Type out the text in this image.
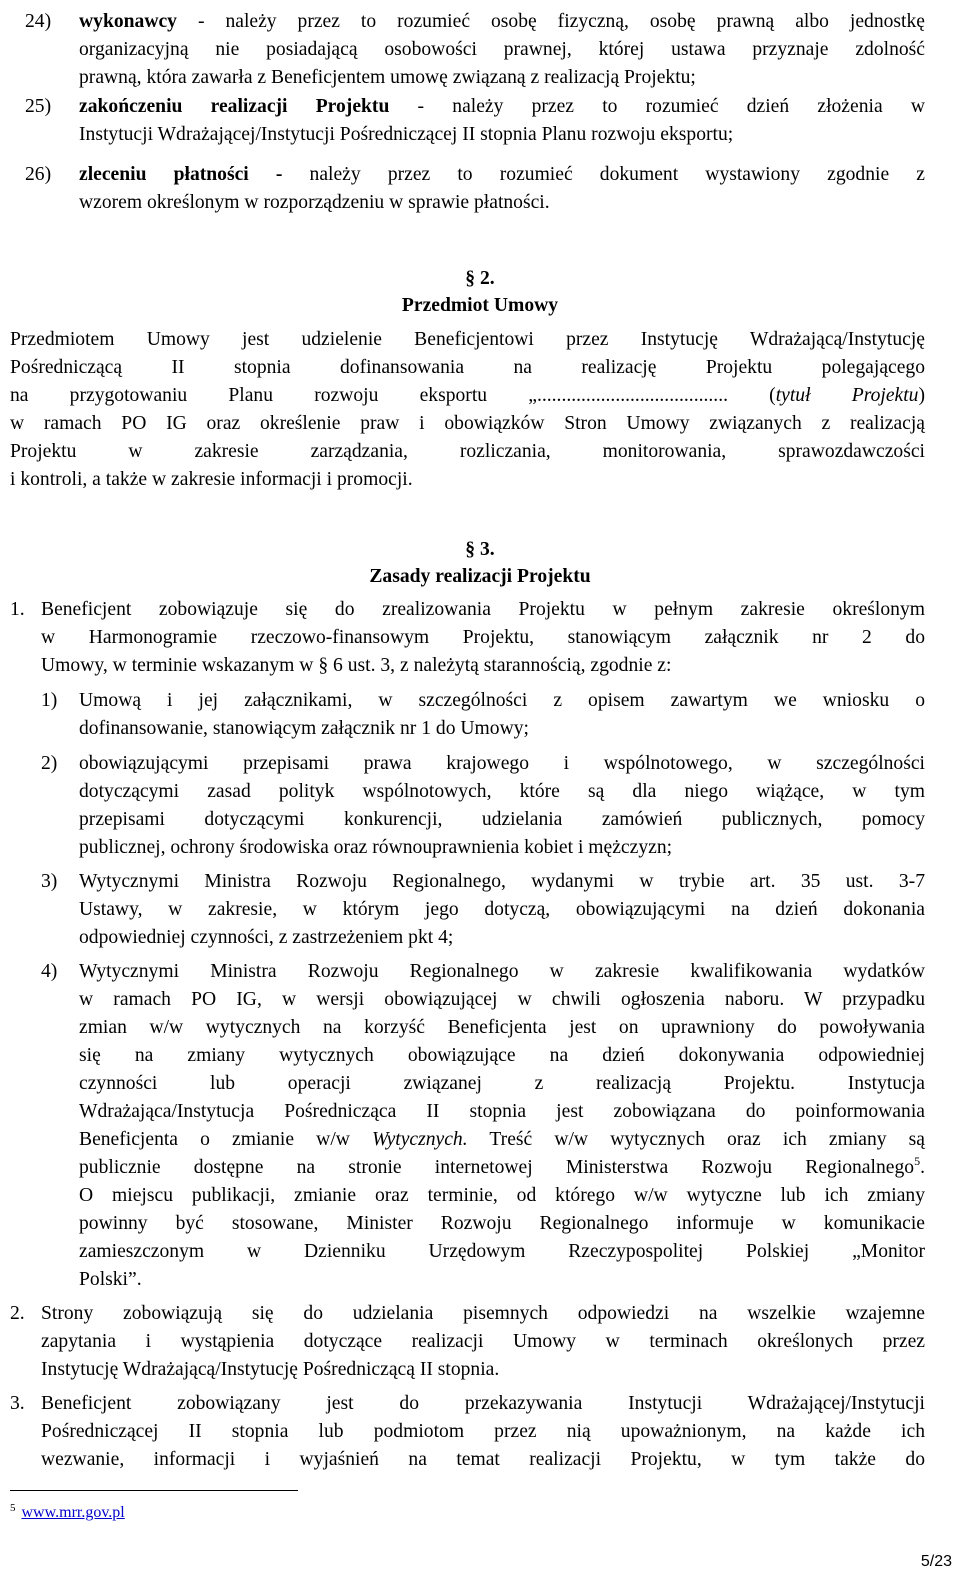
24) wykonawcy - należy przez to rozumieć osobę fizyczną, osobę prawną albo jednostkę
organizacyjną nie posiadającą osobowości prawnej, której ustawa przyznaje zdolność
prawną, która zawarła z Beneficjentem umowę związaną z realizacją Projektu;
25) zakończeniu realizacji Projektu - należy przez to rozumieć dzień złożenia w
Instytucji Wdrażającej/Instytucji Pośredniczącej II stopnia Planu rozwoju eksportu;
26) zleceniu płatności - należy przez to rozumieć dokument wystawiony zgodnie z
wzorem określonym w rozporządzeniu w sprawie płatności.
§ 2.
Przedmiot Umowy
Przedmiotem Umowy jest udzielenie Beneficjentowi przez Instytucję Wdrażającą/Instytucję
Pośredniczącą II stopnia dofinansowania na realizację Projektu polegającego
na przygotowaniu Planu rozwoju eksportu „....................................... (tytuł Projektu)
w ramach PO IG oraz określenie praw i obowiązków Stron Umowy związanych z realizacją
Projektu w zakresie zarządzania, rozliczania, monitorowania, sprawozdawczości
i kontroli, a także w zakresie informacji i promocji.
§ 3.
Zasady realizacji Projektu
1. Beneficjent zobowiązuje się do zrealizowania Projektu w pełnym zakresie określonym
w Harmonogramie rzeczowo-finansowym Projektu, stanowiącym załącznik nr 2 do
Umowy, w terminie wskazanym w § 6 ust. 3, z należytą starannością, zgodnie z:
1) Umową i jej załącznikami, w szczególności z opisem zawartym we wniosku o
dofinansowanie, stanowiącym załącznik nr 1 do Umowy;
2) obowiązującymi przepisami prawa krajowego i wspólnotowego, w szczególności
dotyczącymi zasad polityk wspólnotowych, które są dla niego wiążące, w tym
przepisami dotyczącymi konkurencji, udzielania zamówień publicznych, pomocy
publicznej, ochrony środowiska oraz równouprawnienia kobiet i mężczyzn;
3) Wytycznymi Ministra Rozwoju Regionalnego, wydanymi w trybie art. 35 ust. 3-7
Ustawy, w zakresie, w którym jego dotyczą, obowiązującymi na dzień dokonania
odpowiedniej czynności, z zastrzeżeniem pkt 4;
4) Wytycznymi Ministra Rozwoju Regionalnego w zakresie kwalifikowania wydatków
w ramach PO IG, w wersji obowiązującej w chwili ogłoszenia naboru. W przypadku
zmian w/w wytycznych na korzyść Beneficjenta jest on uprawniony do powoływania
się na zmiany wytycznych obowiązujące na dzień dokonywania odpowiedniej
czynności lub operacji związanej z realizacją Projektu. Instytucja
Wdrażająca/Instytucja Pośrednicząca II stopnia jest zobowiązana do poinformowania
Beneficjenta o zmianie w/w Wytycznych. Treść w/w wytycznych oraz ich zmiany są
publicznie dostępne na stronie internetowej Ministerstwa Rozwoju Regionalnego$^5$.
O miejscu publikacji, zmianie oraz terminie, od którego w/w wytyczne lub ich zmiany
powinny być stosowane, Minister Rozwoju Regionalnego informuje w komunikacie
zamieszczonym w Dzienniku Urzędowym Rzeczypospolitej Polskiej „Monitor
Polski”.
2. Strony zobowiązują się do udzielania pisemnych odpowiedzi na wszelkie wzajemne
zapytania i wystąpienia dotyczące realizacji Umowy w terminach określonych przez
Instytucję Wdrażającą/Instytucję Pośredniczącą II stopnia.
3. Beneficjent zobowiązany jest do przekazywania Instytucji Wdrażającej/Instytucji
Pośredniczącej II stopnia lub podmiotom przez nią upoważnionym, na każde ich
wezwanie, informacji i wyjaśnień na temat realizacji Projektu, w tym także do
$^5$ www.mrr.gov.pl
5/23
